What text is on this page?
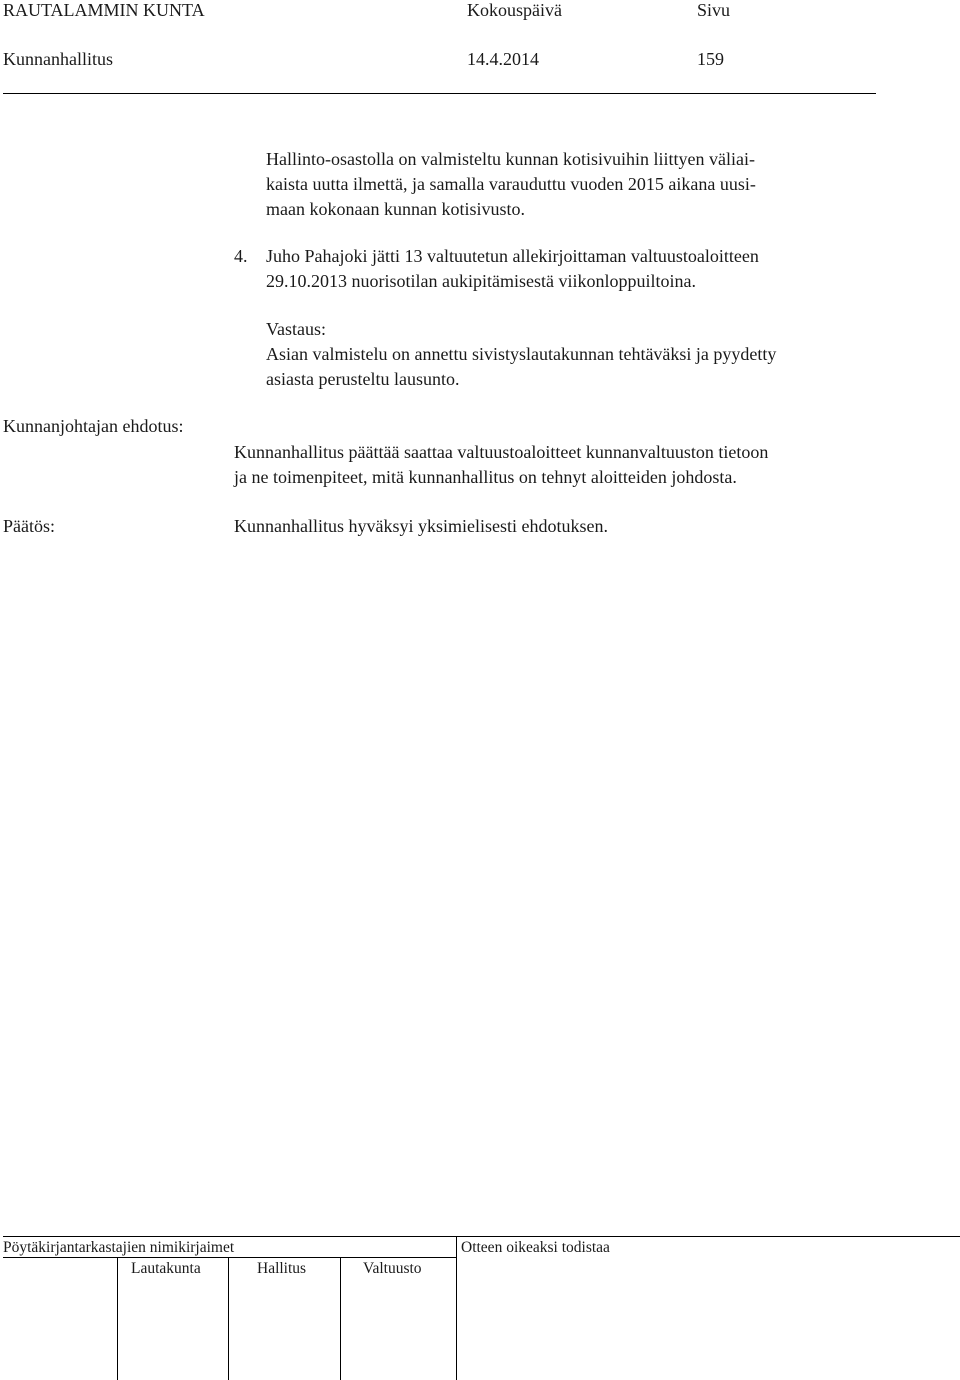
RAUTALAMMIN KUNTA	Kokouspäivä	Sivu
Kunnanhallitus	14.4.2014	159
Hallinto-osastolla on valmisteltu kunnan kotisivuihin liittyen väliai-
kaista uutta ilmettä, ja samalla varauduttu vuoden 2015 aikana uusi-
maan kokonaan kunnan kotisivusto.
4. Juho Pahajoki jätti 13 valtuutetun allekirjoittaman valtuustoaloitteen
29.10.2013 nuorisotilan aukipitämisestä viikonloppuiltoina.
Vastaus:
Asian valmistelu on annettu sivistyslautakunnan tehtäväksi ja pyydetty
asiasta perusteltu lausunto.
Kunnanjohtajan ehdotus:
Kunnanhallitus päättää saattaa valtuustoaloitteet kunnanvaltuuston tietoon
ja ne toimenpiteet, mitä kunnanhallitus on tehnyt aloitteiden johdosta.
Päätös:	Kunnanhallitus hyväksyi yksimielisesti ehdotuksen.
Pöytäkirjantarkastajien nimikirjaimet	Otteen oikeaksi todistaa
Lautakunta	Hallitus	Valtuusto
